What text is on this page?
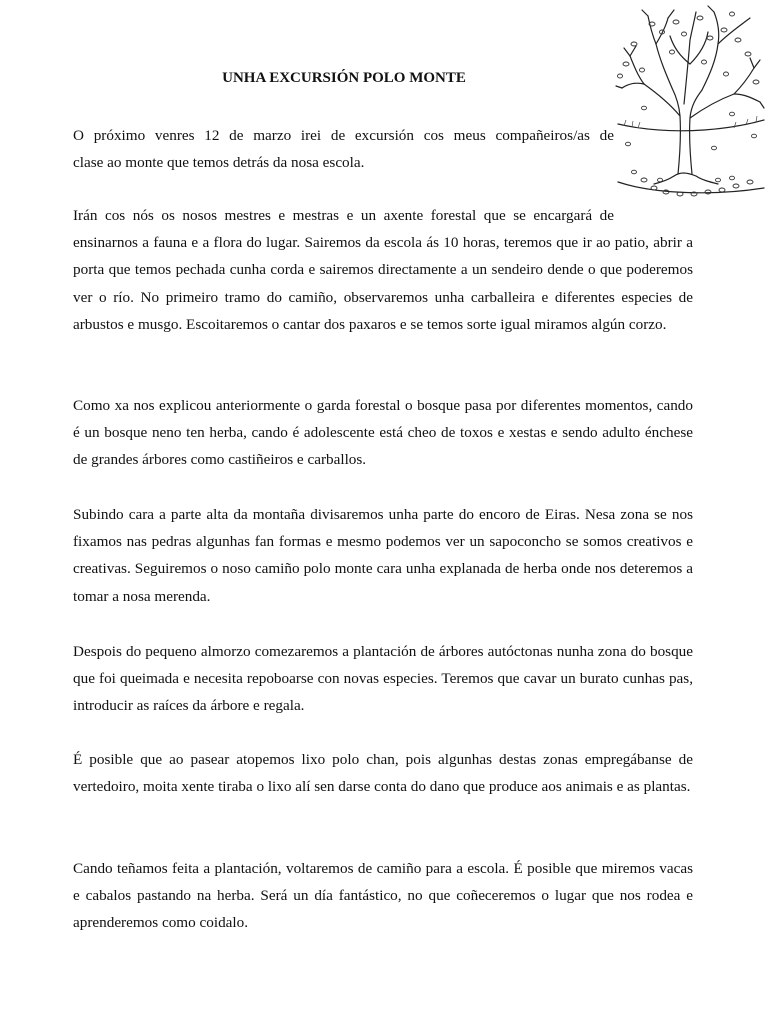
UNHA EXCURSIÓN POLO MONTE

O próximo venres 12 de marzo irei de excursión cos meus compañeiros/as de
clase ao monte que temos detrás da nosa escola.

Irán cos nós os nosos mestres e mestras e un axente forestal que se encargará de
ensinarnos a fauna e a flora do lugar. Sairemos da escola ás 10 horas, teremos que ir ao patio, abrir a porta que temos pechada cunha corda e sairemos directamente a un sendeiro dende o que poderemos ver o río. No primeiro tramo do camiño, observaremos unha carballeira e diferentes especies de arbustos e musgo. Escoitaremos o cantar dos paxaros e se temos sorte igual miramos algún corzo.

Como xa nos explicou anteriormente o garda forestal o bosque pasa por diferentes momentos, cando é un bosque neno ten herba, cando é adolescente está cheo de toxos e xestas e sendo adulto énchese de grandes árbores como castiñeiros e carballos.

Subindo cara a parte alta da montaña divisaremos unha parte do encoro de Eiras. Nesa zona se nos fixamos nas pedras algunhas fan formas e mesmo podemos ver un sapoconcho se somos creativos e creativas. Seguiremos o noso camiño polo monte cara unha explanada de herba onde nos deteremos a tomar a nosa merenda.

Despois do pequeno almorzo comezaremos a plantación de árbores autóctonas nunha zona do bosque que foi queimada e necesita repoboarse con novas especies. Teremos que cavar un burato cunhas pas, introducir as raíces da árbore e regala.

É posible que ao pasear atopemos lixo polo chan, pois algunhas destas zonas empregábanse de vertedoiro, moita xente tiraba o lixo alí sen darse conta do dano que produce aos animais e as plantas.

Cando teñamos feita a plantación, voltaremos de camiño para a escola. É posible que miremos vacas e cabalos pastando na herba. Será un día fantástico, no que coñeceremos o lugar que nos rodea e aprenderemos como coidalo.
